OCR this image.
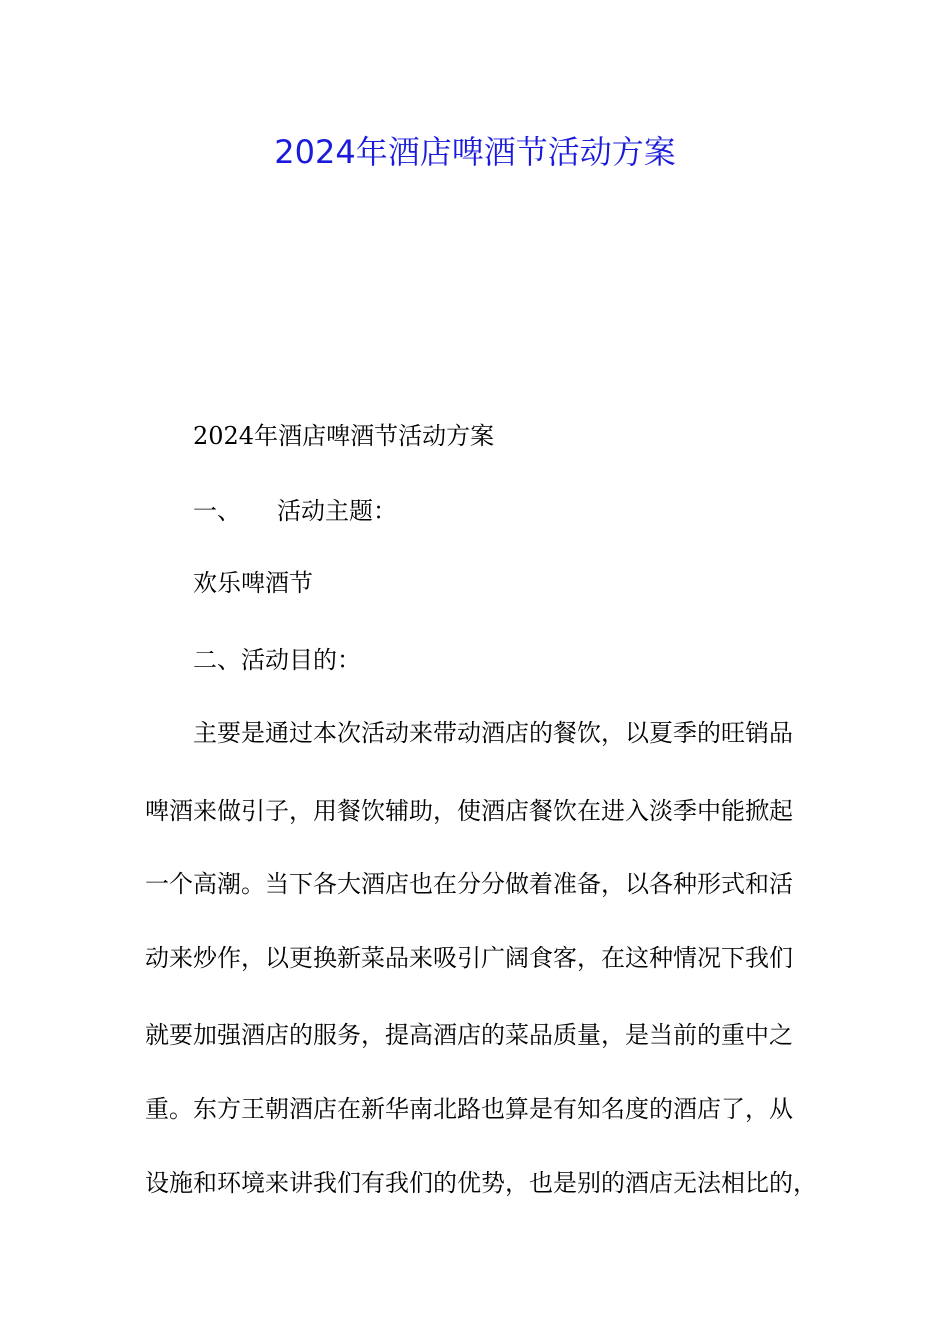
2024年酒店啤酒节活动方案

2024年酒店啤酒节活动方案

一、 活动主题：

欢乐啤酒节

二、活动目的：

主要是通过本次活动来带动酒店的餐饮，以夏季的旺销品

啤酒来做引子，用餐饮辅助，使酒店餐饮在进入淡季中能掀起

一个高潮。当下各大酒店也在分分做着准备，以各种形式和活

动来炒作，以更换新菜品来吸引广阔食客，在这种情况下我们

就要加强酒店的服务，提高酒店的菜品质量，是当前的重中之

重。东方王朝酒店在新华南北路也算是有知名度的酒店了，从

设施和环境来讲我们有我们的优势，也是别的酒店无法相比的，
